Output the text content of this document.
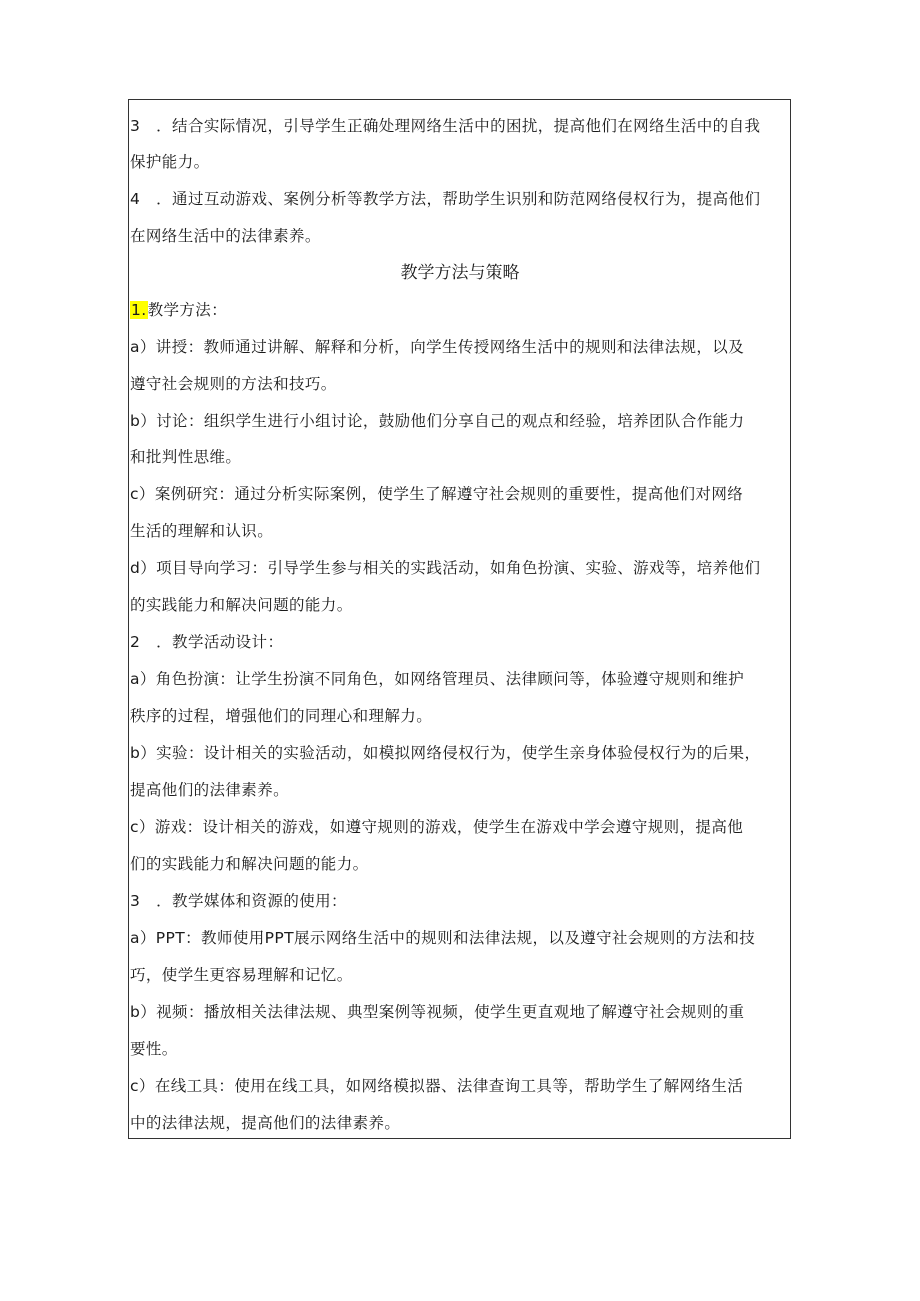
3　．结合实际情况，引导学生正确处理网络生活中的困扰，提高他们在网络生活中的自我
保护能力。
4　．通过互动游戏、案例分析等教学方法，帮助学生识别和防范网络侵权行为，提高他们
在网络生活中的法律素养。
教学方法与策略
1.教学方法：
a）讲授：教师通过讲解、解释和分析，向学生传授网络生活中的规则和法律法规，以及
遵守社会规则的方法和技巧。
b）讨论：组织学生进行小组讨论，鼓励他们分享自己的观点和经验，培养团队合作能力
和批判性思维。
c）案例研究：通过分析实际案例，使学生了解遵守社会规则的重要性，提高他们对网络
生活的理解和认识。
d）项目导向学习：引导学生参与相关的实践活动，如角色扮演、实验、游戏等，培养他们
的实践能力和解决问题的能力。
2　．教学活动设计：
a）角色扮演：让学生扮演不同角色，如网络管理员、法律顾问等，体验遵守规则和维护
秩序的过程，增强他们的同理心和理解力。
b）实验：设计相关的实验活动，如模拟网络侵权行为，使学生亲身体验侵权行为的后果，
提高他们的法律素养。
c）游戏：设计相关的游戏，如遵守规则的游戏，使学生在游戏中学会遵守规则，提高他
们的实践能力和解决问题的能力。
3　．教学媒体和资源的使用：
a）PPT：教师使用PPT展示网络生活中的规则和法律法规，以及遵守社会规则的方法和技
巧，使学生更容易理解和记忆。
b）视频：播放相关法律法规、典型案例等视频，使学生更直观地了解遵守社会规则的重
要性。
c）在线工具：使用在线工具，如网络模拟器、法律查询工具等，帮助学生了解网络生活
中的法律法规，提高他们的法律素养。
